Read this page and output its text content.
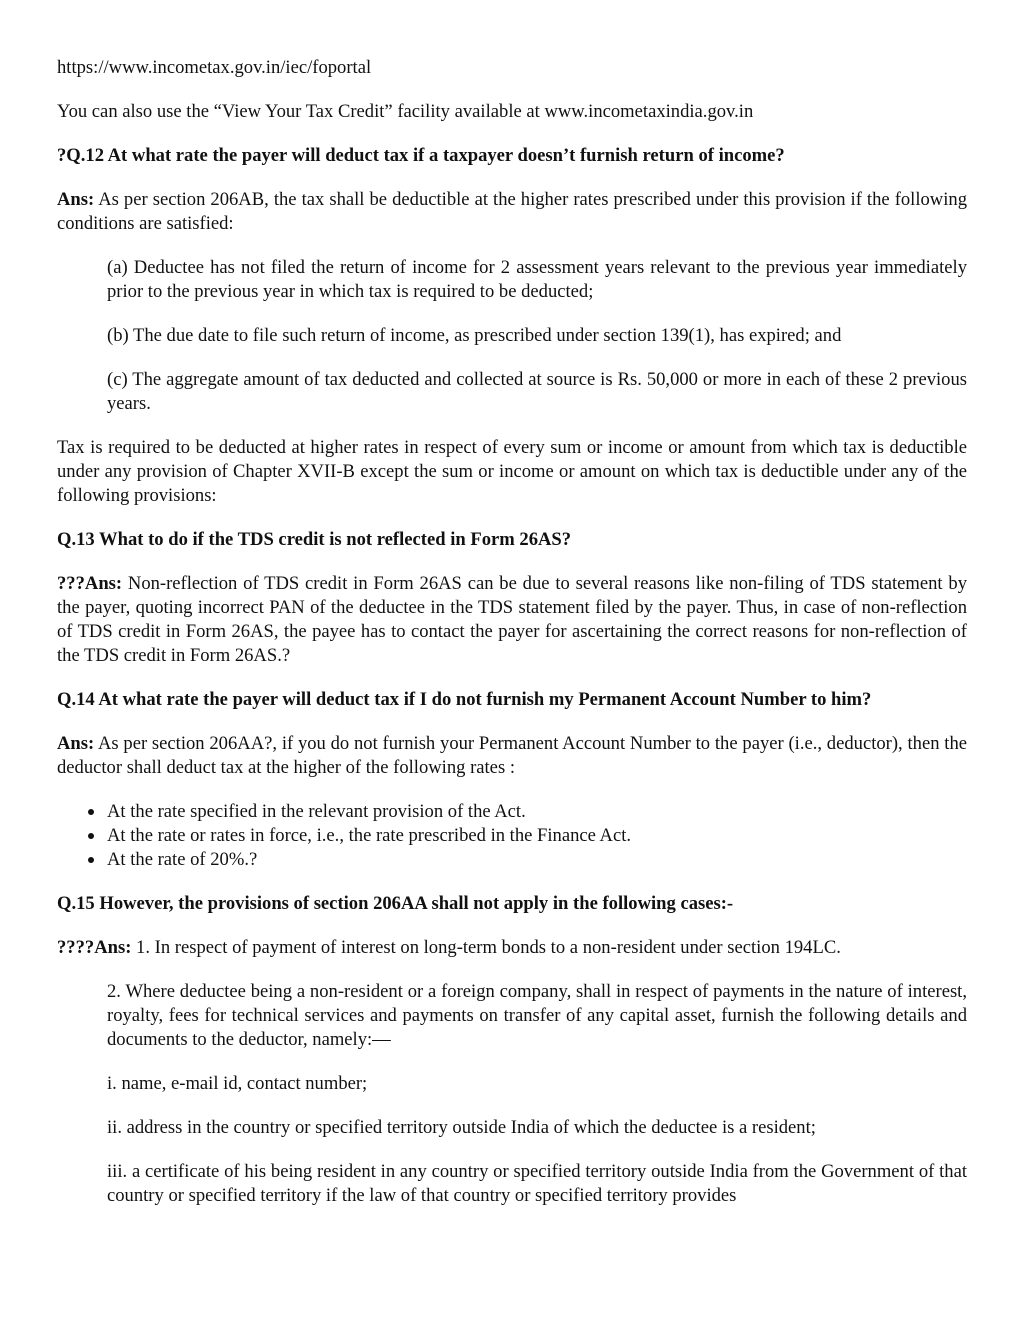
https://www.incometax.gov.in/iec/foportal

You can also use the “View Your Tax Credit” facility available at www.incometaxindia.gov.in

?Q.12 At what rate the payer will deduct tax if a taxpayer doesn’t furnish return of income?

Ans: As per section 206AB, the tax shall be deductible at the higher rates prescribed under this provision if the following conditions are satisfied:

(a) Deductee has not filed the return of income for 2 assessment years relevant to the previous year immediately prior to the previous year in which tax is required to be deducted;

(b) The due date to file such return of income, as prescribed under section 139(1), has expired; and

(c) The aggregate amount of tax deducted and collected at source is Rs. 50,000 or more in each of these 2 previous years.

Tax is required to be deducted at higher rates in respect of every sum or income or amount from which tax is deductible under any provision of Chapter XVII-B except the sum or income or amount on which tax is deductible under any of the following provisions:

Q.13 What to do if the TDS credit is not reflected in Form 26AS?

???Ans: Non-reflection of TDS credit in Form 26AS can be due to several reasons like non-filing of TDS statement by the payer, quoting incorrect PAN of the deductee in the TDS statement filed by the payer. Thus, in case of non-reflection of TDS credit in Form 26AS, the payee has to contact the payer for ascertaining the correct reasons for non-reflection of the TDS credit in Form 26AS.?

Q.14 At what rate the payer will deduct tax if I do not furnish my Permanent Account Number to him?

Ans: As per section 206AA?, if you do not furnish your Permanent Account Number to the payer (i.e., deductor), then the deductor shall deduct tax at the higher of the following rates :

At the rate specified in the relevant provision of the Act.
At the rate or rates in force, i.e., the rate prescribed in the Finance Act.
At the rate of 20%.?

Q.15 However, the provisions of section 206AA shall not apply in the following cases:-

????Ans: 1. In respect of payment of interest on long-term bonds to a non-resident under section 194LC.

2. Where deductee being a non-resident or a foreign company, shall in respect of payments in the nature of interest, royalty, fees for technical services and payments on transfer of any capital asset, furnish the following details and documents to the deductor, namely:—

i. name, e-mail id, contact number;

ii. address in the country or specified territory outside India of which the deductee is a resident;

iii. a certificate of his being resident in any country or specified territory outside India from the Government of that country or specified territory if the law of that country or specified territory provides
